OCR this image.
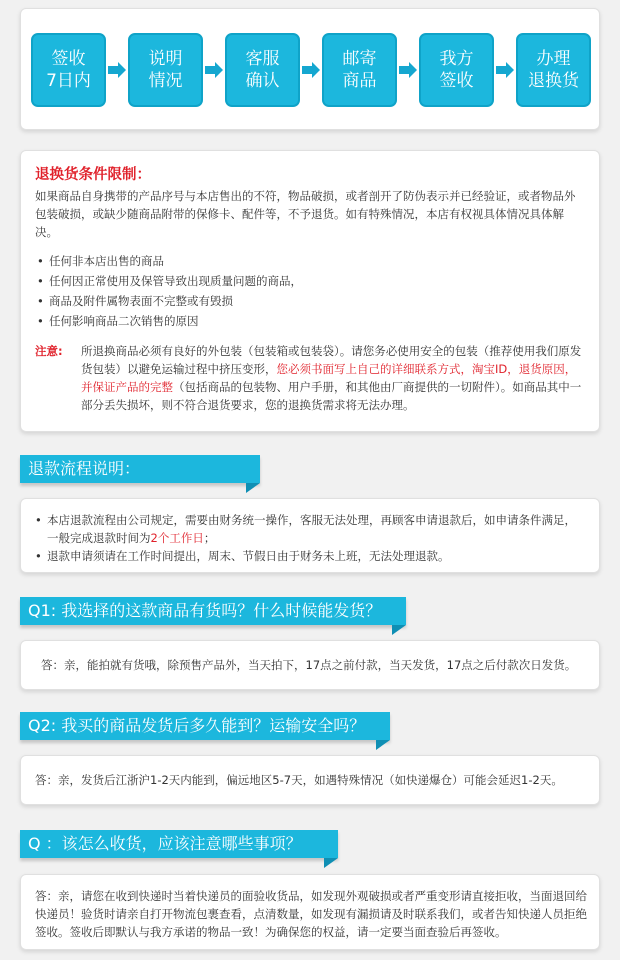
签收
7日内
说明
情况
客服
确认
邮寄
商品
我方
签收
办理
退换货
退换货条件限制：

如果商品自身携带的产品序号与本店售出的不符，物品破损，或者剖开了防伪表示并已经验证，或者物品外包装破损，或缺少随商品附带的保修卡、配件等，不予退货。如有特殊情况，本店有权视具体情况具体解决。

• 任何非本店出售的商品
• 任何因正常使用及保管导致出现质量问题的商品，
• 商品及附件属物表面不完整或有毁损
• 任何影响商品二次销售的原因
注意: 所退换商品必须有良好的外包装（包装箱或包装袋）。请您务必使用安全的包装（推荐使用我们原发货包装）以避免运输过程中挤压变形，您必须书面写上自己的详细联系方式，淘宝ID，退货原因，并保证产品的完整（包括商品的包装物、用户手册，和其他由厂商提供的一切附件）。如商品其中一部分丢失损坏，则不符合退货要求，您的退换货需求将无法办理。
退款流程说明：
• 本店退款流程由公司规定，需要由财务统一操作，客服无法处理，再顾客申请退款后，如申请条件满足，一般完成退款时间为2个工作日；
• 退款申请须请在工作时间提出，周末、节假日由于财务未上班，无法处理退款。
Q1: 我选择的这款商品有货吗？什么时候能发货？
答：亲，能拍就有货哦，除预售产品外，当天拍下，17点之前付款，当天发货，17点之后付款次日发货。
Q2: 我买的商品发货后多久能到？运输安全吗？
答：亲，发货后江浙沪1-2天内能到，偏远地区5-7天，如遇特殊情况（如快递爆仓）可能会延迟1-2天。
Q ：该怎么收货，应该注意哪些事项？
答：亲，请您在收到快递时当着快递员的面验收货品，如发现外观破损或者严重变形请直接拒收，当面退回给快递员！验货时请亲自打开物流包裹查看，点清数量，如发现有漏损请及时联系我们，或者告知快递人员拒绝签收。签收后即默认与我方承诺的物品一致！为确保您的权益，请一定要当面查验后再签收。
